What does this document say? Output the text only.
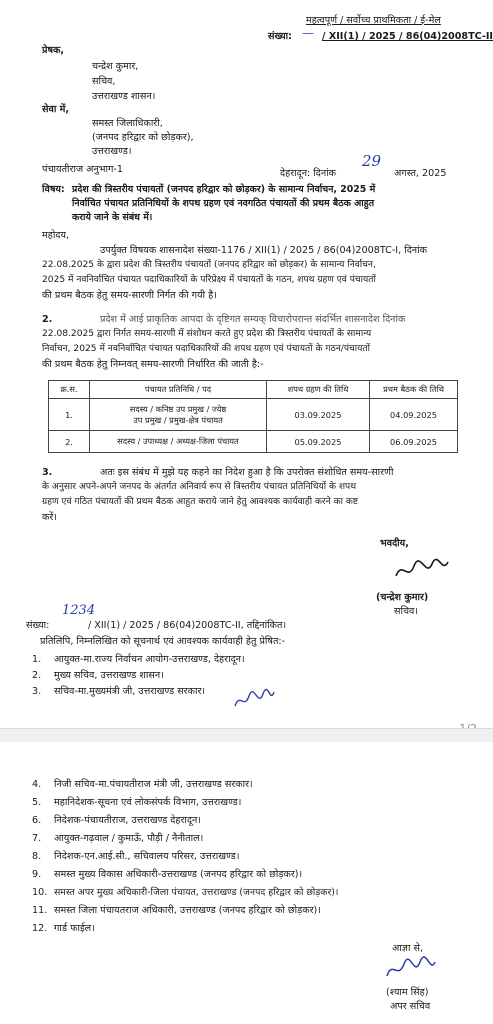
महत्वपूर्ण / सर्वोच्च प्राथमिकता / ई-मेल
संख्या: — / XII(1) / 2025 / 86(04)2008TC-II
प्रेषक,
चन्द्रेश कुमार,
सचिव,
उत्तराखण्ड शासन।
सेवा में,
समस्त जिलाधिकारी,
(जनपद हरिद्वार को छोड़कर),
उत्तराखण्ड।
पंचायतीराज अनुभाग-1	देहरादून: दिनांक
29
अगस्त, 2025
विषय: प्रदेश की त्रिस्तरीय पंचायतों (जनपद हरिद्वार को छोड़कर) के सामान्य निर्वाचन, 2025 में
निर्वाचित पंचायत प्रतिनिधियों के शपथ ग्रहण एवं नवगठित पंचायतों की प्रथम बैठक आहुत
कराये जाने के संबंध में।
महोदय,
उपर्युक्त विषयक शासनादेश संख्या-1176 / XII(1) / 2025 / 86(04)2008TC-I, दिनांक
22.08.2025 के द्वारा प्रदेश की त्रिस्तरीय पंचायतों (जनपद हरिद्वार को छोड़कर) के सामान्य निर्वाचन,
2025 में नवनिर्वाचित पंचायत पदाधिकारियों के परिप्रेक्ष्य में पंचायतों के गठन, शपथ ग्रहण एवं पंचायतों
की प्रथम बैठक हेतु समय-सारणी निर्गत की गयी है।
2.	प्रदेश में आई प्राकृतिक आपदा के दृष्टिगत सम्यक् विचारोपरान्त संदर्भित शासनादेश दिनांक
22.08.2025 द्वारा निर्गत समय-सारणी में संशोधन करते हुए प्रदेश की त्रिस्तरीय पंचायतों के सामान्य
निर्वाचन, 2025 में नवनिर्वाचित पंचायत पदाधिकारियों की शपथ ग्रहण एवं पंचायतों के गठन/पंचायतों
की प्रथम बैठक हेतु निम्नवत् समय-सारणी निर्धारित की जाती है:-
क्र.स.	पंचायत प्रतिनिधि / पद	शपथ ग्रहण की तिथि	प्रथम बैठक की तिथि
1.	सदस्य / कनिष्ठ उप प्रमुख / ज्येष्ठ
उप प्रमुख / प्रमुख-क्षेत्र पंचायत	03.09.2025	04.09.2025
2.	सदस्य / उपाध्यक्ष / अध्यक्ष-जिला पंचायत	05.09.2025	06.09.2025
3.	अतः इस संबंध में मुझे यह कहने का निदेश हुआ है कि उपरोक्त संशोधित समय-सारणी
के अनुसार अपने-अपने जनपद के अंतर्गत अनिवार्य रूप से त्रिस्तरीय पंचायत प्रतिनिधियों के शपथ
ग्रहण एवं गठित पंचायतों की प्रथम बैठक आहुत कराये जाने हेतु आवश्यक कार्यवाही करने का कष्ट
करें।
भवदीय,
(चन्द्रेश कुमार)
सचिव।
संख्या:
1234
/ XII(1) / 2025 / 86(04)2008TC-II, तद्दिनांकित।
प्रतिलिपि, निम्नलिखित को सूचनार्थ एवं आवश्यक कार्यवाही हेतु प्रेषित:-
1. आयुक्त-मा.राज्य निर्वाचन आयोग-उत्तराखण्ड, देहरादून।
2. मुख्य सचिव, उत्तराखण्ड शासन।
3. सचिव-मा.मुख्यमंत्री जी, उत्तराखण्ड सरकार।
4. निजी सचिव-मा.पंचायतीराज मंत्री जी, उत्तराखण्ड सरकार।
5. महानिदेशक-सूचना एवं लोकसंपर्क विभाग, उत्तराखण्ड।
6. निदेशक-पंचायतीराज, उत्तराखण्ड देहरादून।
7. आयुक्त-गढ़वाल / कुमाऊँ, पौड़ी / नैनीताल।
8. निदेशक-एन.आई.सी., सचिवालय परिसर, उत्तराखण्ड।
9. समस्त मुख्य विकास अधिकारी-उत्तराखण्ड (जनपद हरिद्वार को छोड़कर)।
10. समस्त अपर मुख्य अधिकारी-जिला पंचायत, उत्तराखण्ड (जनपद हरिद्वार को छोड़कर)।
11. समस्त जिला पंचायतराज अधिकारी, उत्तराखण्ड (जनपद हरिद्वार को छोड़कर)।
12. गार्ड फाईल।
आज्ञा से,
(श्याम सिंह)
अपर सचिव
